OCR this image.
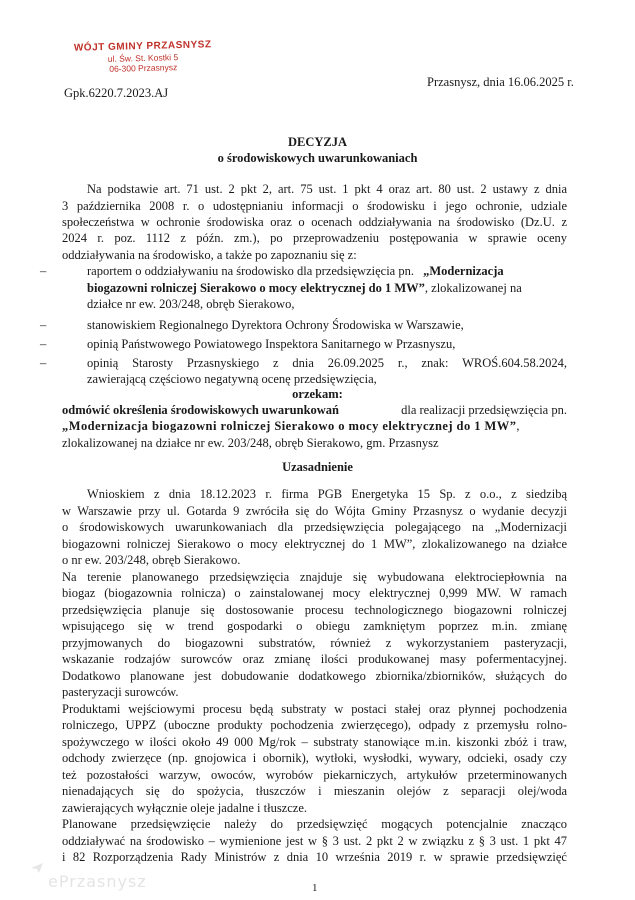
WÓJT GMINY PRZASNYSZ
ul. Św. St. Kostki 5
06-300 Przasnysz
Gpk.6220.7.2023.AJ
Przasnysz, dnia 16.06.2025 r.
DECYZJA
o środowiskowych uwarunkowaniach
Na podstawie art. 71 ust. 2 pkt 2, art. 75 ust. 1 pkt 4 oraz art. 80 ust. 2 ustawy z dnia
3 października 2008 r. o udostępnianiu informacji o środowisku i jego ochronie, udziale
społeczeństwa w ochronie środowiska oraz o ocenach oddziaływania na środowisko (Dz.U. z
2024 r. poz. 1112 z późn. zm.), po przeprowadzeniu postępowania w sprawie oceny
oddziaływania na środowisko, a także po zapoznaniu się z:
–	raportem o oddziaływaniu na środowisko dla przedsięwzięcia pn. „Modernizacja
biogazowni rolniczej Sierakowo o mocy elektrycznej do 1 MW”, zlokalizowanej na
działce nr ew. 203/248, obręb Sierakowo,
–	stanowiskiem Regionalnego Dyrektora Ochrony Środowiska w Warszawie,
–	opinią Państwowego Powiatowego Inspektora Sanitarnego w Przasnyszu,
–	opinią Starosty Przasnyskiego z dnia 26.09.2025 r., znak: WROŚ.604.58.2024,
zawierającą częściowo negatywną ocenę przedsięwzięcia,
orzekam:
odmówić określenia środowiskowych uwarunkowań	dla realizacji przedsięwzięcia pn.
„Modernizacja biogazowni rolniczej Sierakowo o mocy elektrycznej do 1 MW”,
zlokalizowanej na działce nr ew. 203/248, obręb Sierakowo, gm. Przasnysz
Uzasadnienie
Wnioskiem z dnia 18.12.2023 r. firma PGB Energetyka 15 Sp. z o.o., z siedzibą
w Warszawie przy ul. Gotarda 9 zwróciła się do Wójta Gminy Przasnysz o wydanie decyzji
o środowiskowych uwarunkowaniach dla przedsięwzięcia polegającego na „Modernizacji
biogazowni rolniczej Sierakowo o mocy elektrycznej do 1 MW”, zlokalizowanego na działce
o nr ew. 203/248, obręb Sierakowo.
Na terenie planowanego przedsięwzięcia znajduje się wybudowana elektrociepłownia na
biogaz (biogazownia rolnicza) o zainstalowanej mocy elektrycznej 0,999 MW. W ramach
przedsięwzięcia planuje się dostosowanie procesu technologicznego biogazowni rolniczej
wpisującego się w trend gospodarki o obiegu zamkniętym poprzez m.in. zmianę
przyjmowanych do biogazowni substratów, również z wykorzystaniem pasteryzacji,
wskazanie rodzajów surowców oraz zmianę ilości produkowanej masy pofermentacyjnej.
Dodatkowo planowane jest dobudowanie dodatkowego zbiornika/zbiorników, służących do
pasteryzacji surowców.
Produktami wejściowymi procesu będą substraty w postaci stałej oraz płynnej pochodzenia
rolniczego, UPPZ (uboczne produkty pochodzenia zwierzęcego), odpady z przemysłu rolno-
spożywczego w ilości około 49 000 Mg/rok – substraty stanowiące m.in. kiszonki zbóż i traw,
odchody zwierzęce (np. gnojowica i obornik), wytłoki, wysłodki, wywary, odcieki, osady czy
też pozostałości warzyw, owoców, wyrobów piekarniczych, artykułów przeterminowanych
nienadających się do spożycia, tłuszczów i mieszanin olejów z separacji olej/woda
zawierających wyłącznie oleje jadalne i tłuszcze.
Planowane przedsięwzięcie należy do przedsięwzięć mogących potencjalnie znacząco
oddziaływać na środowisko – wymienione jest w § 3 ust. 2 pkt 2 w związku z § 3 ust. 1 pkt 47
i 82 Rozporządzenia Rady Ministrów z dnia 10 września 2019 r. w sprawie przedsięwzięć
1
ePrzasnysz
